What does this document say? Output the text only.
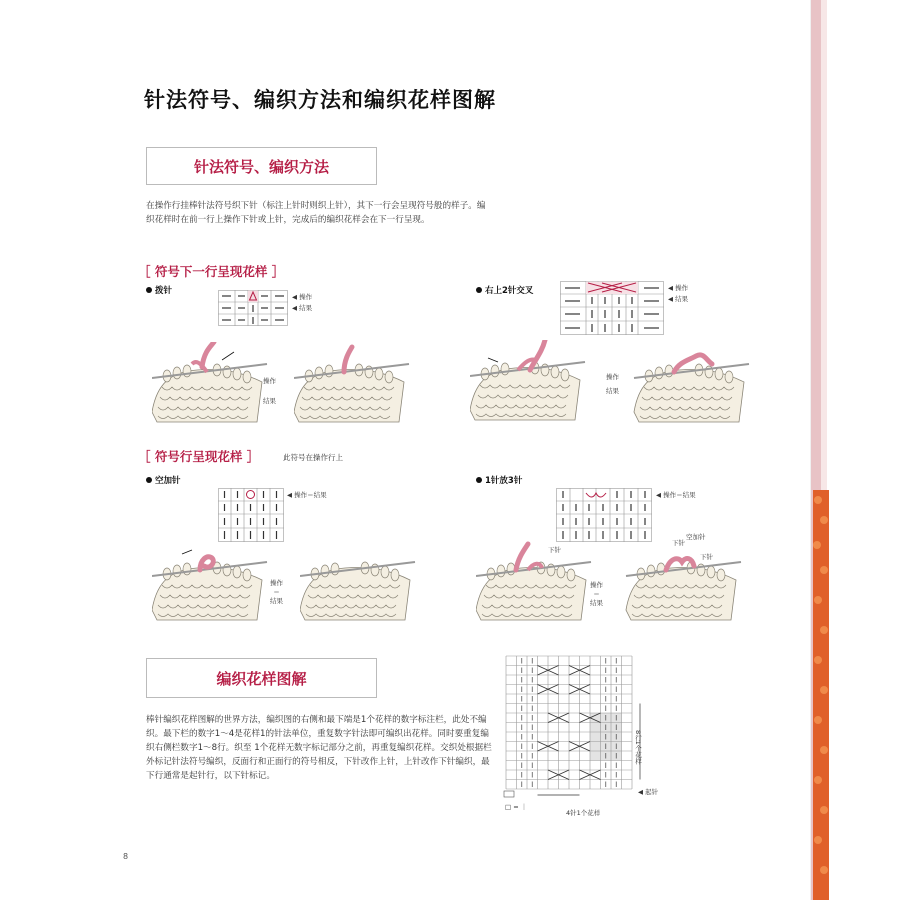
针法符号、编织方法和编织花样图解
针法符号、编织方法
在操作行挂棒针法符号织下针（标注上针时则织上针），其下一行会呈现符号般的样子。编织花样时在前一行上操作下针或上针，完成后的编织花样会在下一行呈现。
［ 符号下一行呈现花样 ］
拨针
◀ 操作
◀ 结果
右上2针交叉	◀ 操作
◀ 结果
操作
结果
操作
结果
［ 符号行呈现花样 ］	此符号在操作行上
空加针
◀ 操作＝结果
1针放3针
◀ 操作＝结果
操作
＝
结果
下针
操作
＝
结果
空加针
下针
下针
编织花样图解
棒针编织花样图解的世界方法，编织图的右侧和最下端是1个花样的数字标注栏，此处不编织。最下栏的数字1～4是花样1的针法单位，重复数字针法即可编织出花样。同时要重复编织右侧栏数字1～8行。织至 1个花样无数字标记部分之前，再重复编织花样。交织处根据栏外标记针法符号编织，反面行和正面行的符号相反，下针改作上针，上针改作下针编织，最下行通常是起针行，以下针标记。
8行1个花样
◀ 起针
4针1个花样
□ = ｜
8
